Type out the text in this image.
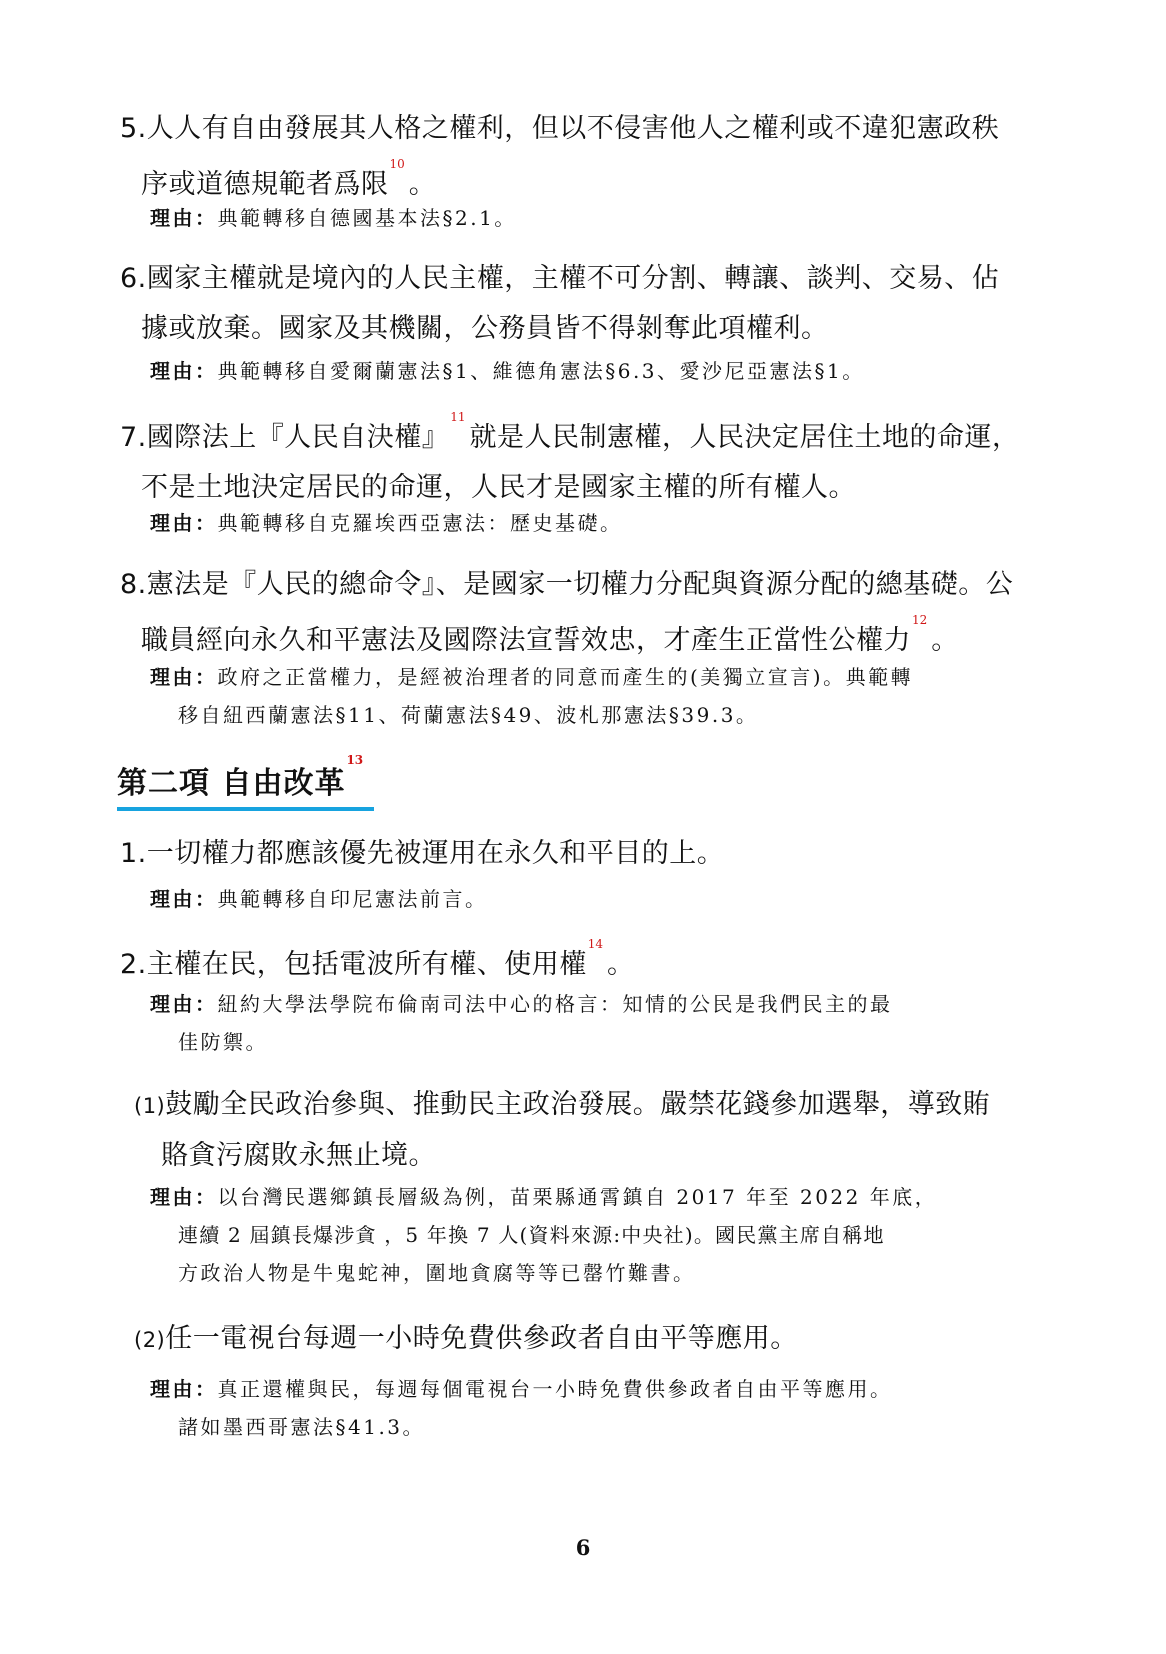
5.人人有自由發展其人格之權利，但以不侵害他人之權利或不違犯憲政秩
序或道德規範者爲限$^{10}$。
理由：典範轉移自德國基本法§2.1。
6.國家主權就是境內的人民主權，主權不可分割、轉讓、談判、交易、佔
據或放棄。國家及其機關，公務員皆不得剝奪此項權利。
理由：典範轉移自愛爾蘭憲法§1、維德角憲法§6.3、愛沙尼亞憲法§1。
7.國際法上『人民自決權』$^{11}$就是人民制憲權，人民決定居住土地的命運，
不是土地決定居民的命運，人民才是國家主權的所有權人。
理由：典範轉移自克羅埃西亞憲法：歷史基礎。
8.憲法是『人民的總命令』、是國家一切權力分配與資源分配的總基礎。公
職員經向永久和平憲法及國際法宣誓效忠，才產生正當性公權力$^{12}$。
理由：政府之正當權力，是經被治理者的同意而產生的(美獨立宣言)。典範轉
移自紐西蘭憲法§11、荷蘭憲法§49、波札那憲法§39.3。
第二項 自由改革$^{13}$
1.一切權力都應該優先被運用在永久和平目的上。
理由：典範轉移自印尼憲法前言。
2.主權在民，包括電波所有權、使用權$^{14}$。
理由：紐約大學法學院布倫南司法中心的格言：知情的公民是我們民主的最
佳防禦。
(1)鼓勵全民政治參與、推動民主政治發展。嚴禁花錢參加選舉，導致賄
賂貪污腐敗永無止境。
理由：以台灣民選鄉鎮長層級為例，苗栗縣通霄鎮自 2017 年至 2022 年底，
連續 2 屆鎮長爆涉貪 ，5 年換 7 人(資料來源:中央社)。國民黨主席自稱地
方政治人物是牛鬼蛇神，圍地貪腐等等已罄竹難書。
(2)任一電視台每週一小時免費供參政者自由平等應用。
理由：真正還權與民，每週每個電視台一小時免費供參政者自由平等應用。
諸如墨西哥憲法§41.3。
6
